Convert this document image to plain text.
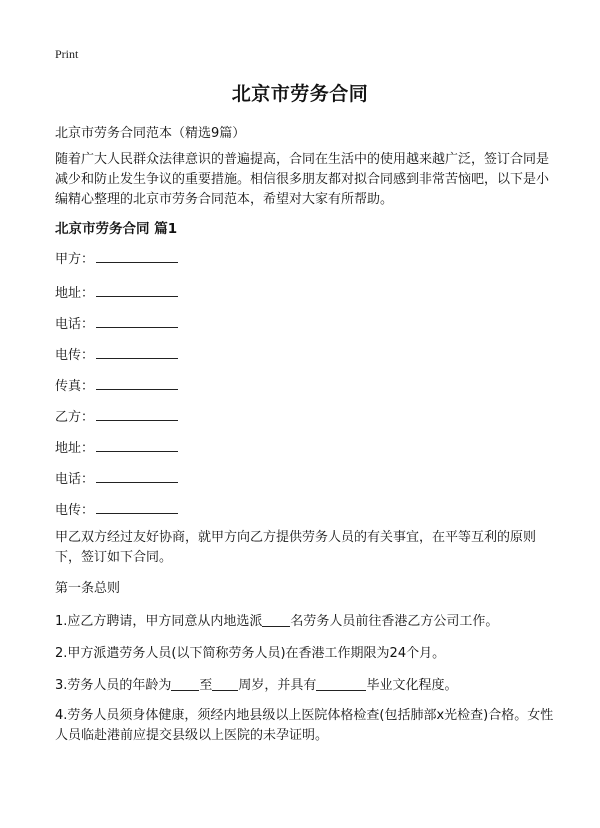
Print
北京市劳务合同
北京市劳务合同范本（精选9篇）
随着广大人民群众法律意识的普遍提高，合同在生活中的使用越来越广泛，签订合同是减少和防止发生争议的重要措施。相信很多朋友都对拟合同感到非常苦恼吧，以下是小编精心整理的北京市劳务合同范本，希望对大家有所帮助。
北京市劳务合同 篇1
甲方：
地址：
电话：
电传：
传真：
乙方：
地址：
电话：
电传：
甲乙双方经过友好协商，就甲方向乙方提供劳务人员的有关事宜，在平等互利的原则下，签订如下合同。
第一条总则
1.应乙方聘请，甲方同意从内地选派 名劳务人员前往香港乙方公司工作。
2.甲方派遣劳务人员(以下简称劳务人员)在香港工作期限为24个月。
3.劳务人员的年龄为 至 周岁，并具有	毕业文化程度。
4.劳务人员须身体健康，须经内地县级以上医院体格检查(包括肺部x光检查)合格。女性人员临赴港前应提交县级以上医院的未孕证明。
